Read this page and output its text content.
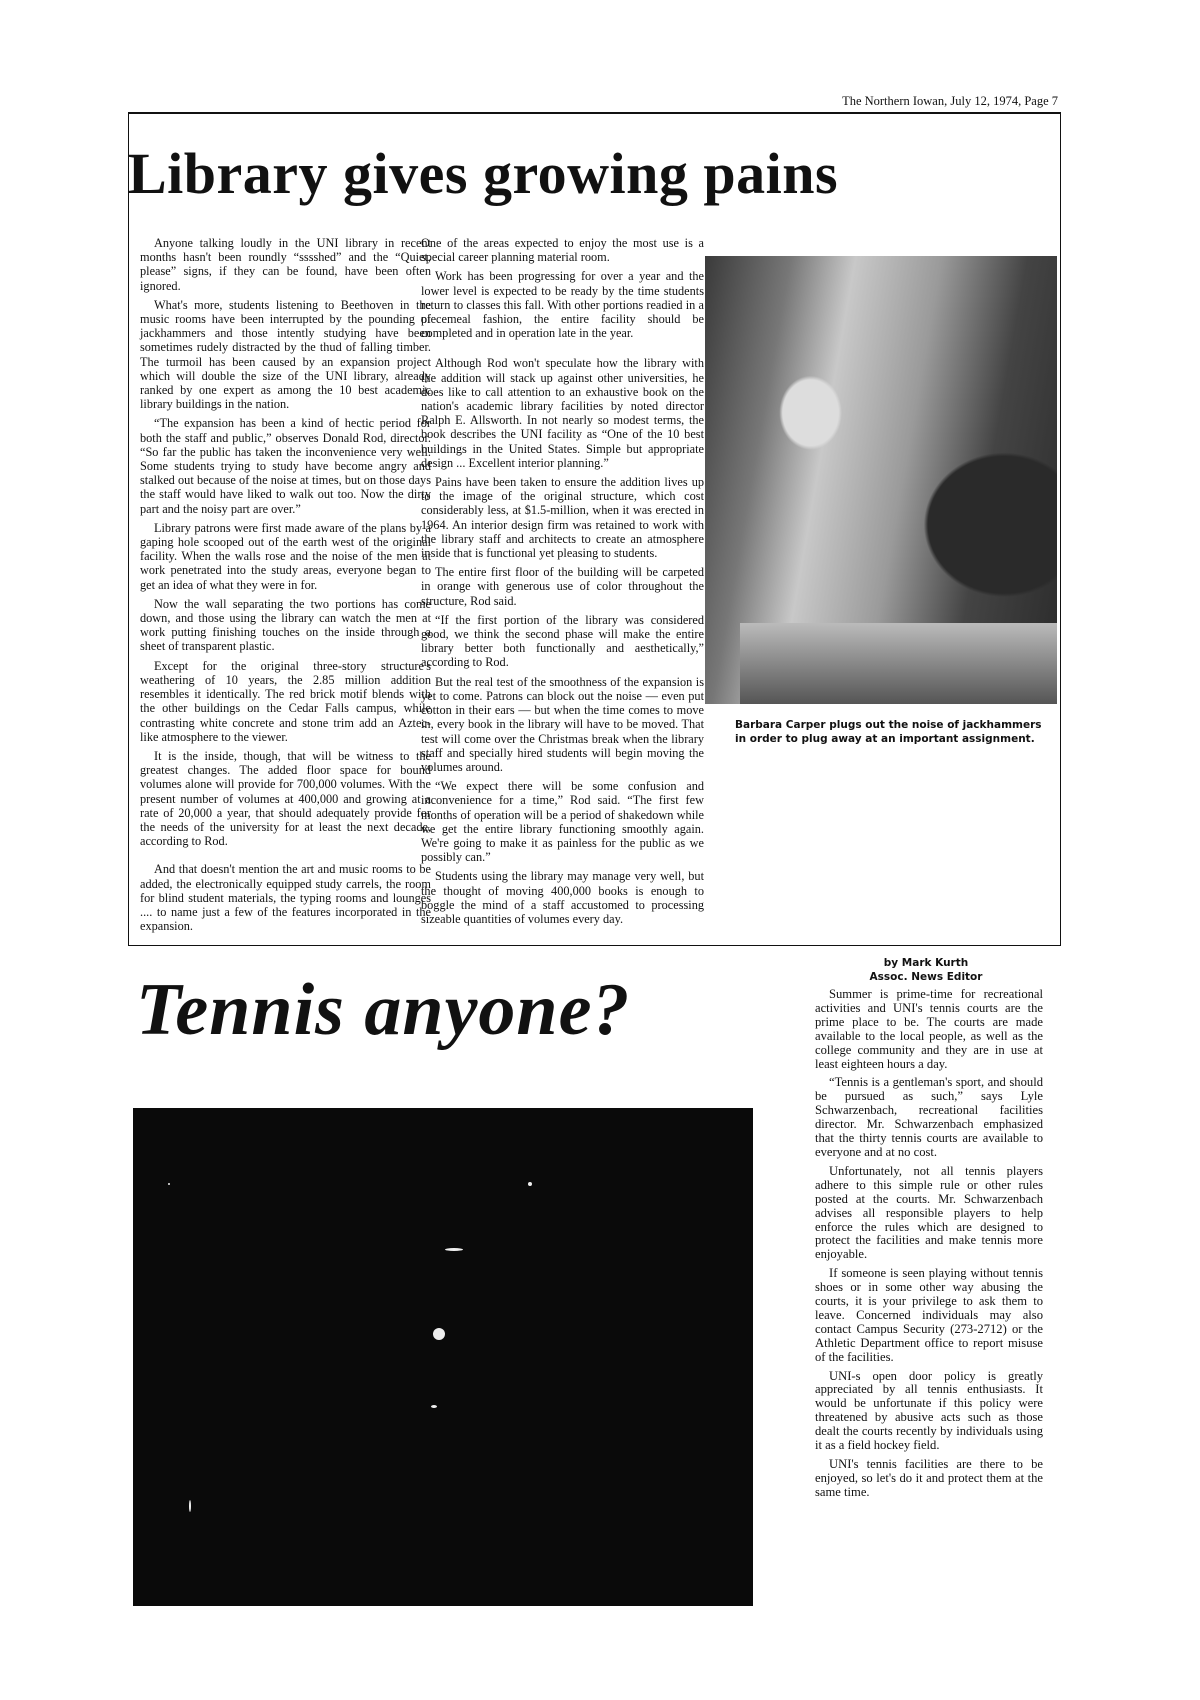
The Northern Iowan, July 12, 1974, Page 7
Library gives growing pains

Anyone talking loudly in the UNI library in recent months hasn't been roundly “sssshed” and the “Quiet, please” signs, if they can be found, have been often ignored.

What's more, students listening to Beethoven in the music rooms have been interrupted by the pounding of jackhammers and those intently studying have been sometimes rudely distracted by the thud of falling timber. The turmoil has been caused by an expansion project which will double the size of the UNI library, already ranked by one expert as among the 10 best academic library buildings in the nation.

“The expansion has been a kind of hectic period for both the staff and public,” observes Donald Rod, director. “So far the public has taken the inconvenience very well. Some students trying to study have become angry and stalked out because of the noise at times, but on those days the staff would have liked to walk out too. Now the dirty part and the noisy part are over.”

Library patrons were first made aware of the plans by a gaping hole scooped out of the earth west of the original facility. When the walls rose and the noise of the men at work penetrated into the study areas, everyone began to get an idea of what they were in for.

Now the wall separating the two portions has come down, and those using the library can watch the men at work putting finishing touches on the inside through a sheet of transparent plastic.

Except for the original three-story structure's weathering of 10 years, the 2.85 million addition resembles it identically. The red brick motif blends with the other buildings on the Cedar Falls campus, while contrasting white concrete and stone trim add an Aztec-like atmosphere to the viewer.

It is the inside, though, that will be witness to the greatest changes. The added floor space for bound volumes alone will provide for 700,000 volumes. With the present number of volumes at 400,000 and growing at a rate of 20,000 a year, that should adequately provide for the needs of the university for at least the next decade, according to Rod.

And that doesn't mention the art and music rooms to be added, the electronically equipped study carrels, the room for blind student materials, the typing rooms and lounges .... to name just a few of the features incorporated in the expansion.

One of the areas expected to enjoy the most use is a special career planning material room.

Work has been progressing for over a year and the lower level is expected to be ready by the time students return to classes this fall. With other portions readied in a piecemeal fashion, the entire facility should be completed and in operation late in the year.

Although Rod won't speculate how the library with the addition will stack up against other universities, he does like to call attention to an exhaustive book on the nation's academic library facilities by noted director Ralph E. Allsworth. In not nearly so modest terms, the book describes the UNI facility as “One of the 10 best buildings in the United States. Simple but appropriate design ... Excellent interior planning.”

Pains have been taken to ensure the addition lives up to the image of the original structure, which cost considerably less, at $1.5-million, when it was erected in 1964. An interior design firm was retained to work with the library staff and architects to create an atmosphere inside that is functional yet pleasing to students.

The entire first floor of the building will be carpeted in orange with generous use of color throughout the structure, Rod said.

“If the first portion of the library was considered good, we think the second phase will make the entire library better both functionally and aesthetically,” according to Rod.

But the real test of the smoothness of the expansion is yet to come. Patrons can block out the noise — even put cotton in their ears — but when the time comes to move in, every book in the library will have to be moved. That test will come over the Christmas break when the library staff and specially hired students will begin moving the volumes around.

“We expect there will be some confusion and inconvenience for a time,” Rod said. “The first few months of operation will be a period of shakedown while we get the entire library functioning smoothly again. We're going to make it as painless for the public as we possibly can.”

Students using the library may manage very well, but the thought of moving 400,000 books is enough to boggle the mind of a staff accustomed to processing sizeable quantities of volumes every day.

Barbara Carper plugs out the noise of jackhammers in order to plug away at an important assignment.
Tennis anyone?
by Mark Kurth
Assoc. News Editor

Summer is prime-time for recreational activities and UNI's tennis courts are the prime place to be. The courts are made available to the local people, as well as the college community and they are in use at least eighteen hours a day.

“Tennis is a gentleman's sport, and should be pursued as such,” says Lyle Schwarzenbach, recreational facilities director. Mr. Schwarzenbach emphasized that the thirty tennis courts are available to everyone and at no cost.

Unfortunately, not all tennis players adhere to this simple rule or other rules posted at the courts. Mr. Schwarzenbach advises all responsible players to help enforce the rules which are designed to protect the facilities and make tennis more enjoyable.

If someone is seen playing without tennis shoes or in some other way abusing the courts, it is your privilege to ask them to leave. Concerned individuals may also contact Campus Security (273-2712) or the Athletic Department office to report misuse of the facilities.

UNI-s open door policy is greatly appreciated by all tennis enthusiasts. It would be unfortunate if this policy were threatened by abusive acts such as those dealt the courts recently by individuals using it as a field hockey field.

UNI's tennis facilities are there to be enjoyed, so let's do it and protect them at the same time.
